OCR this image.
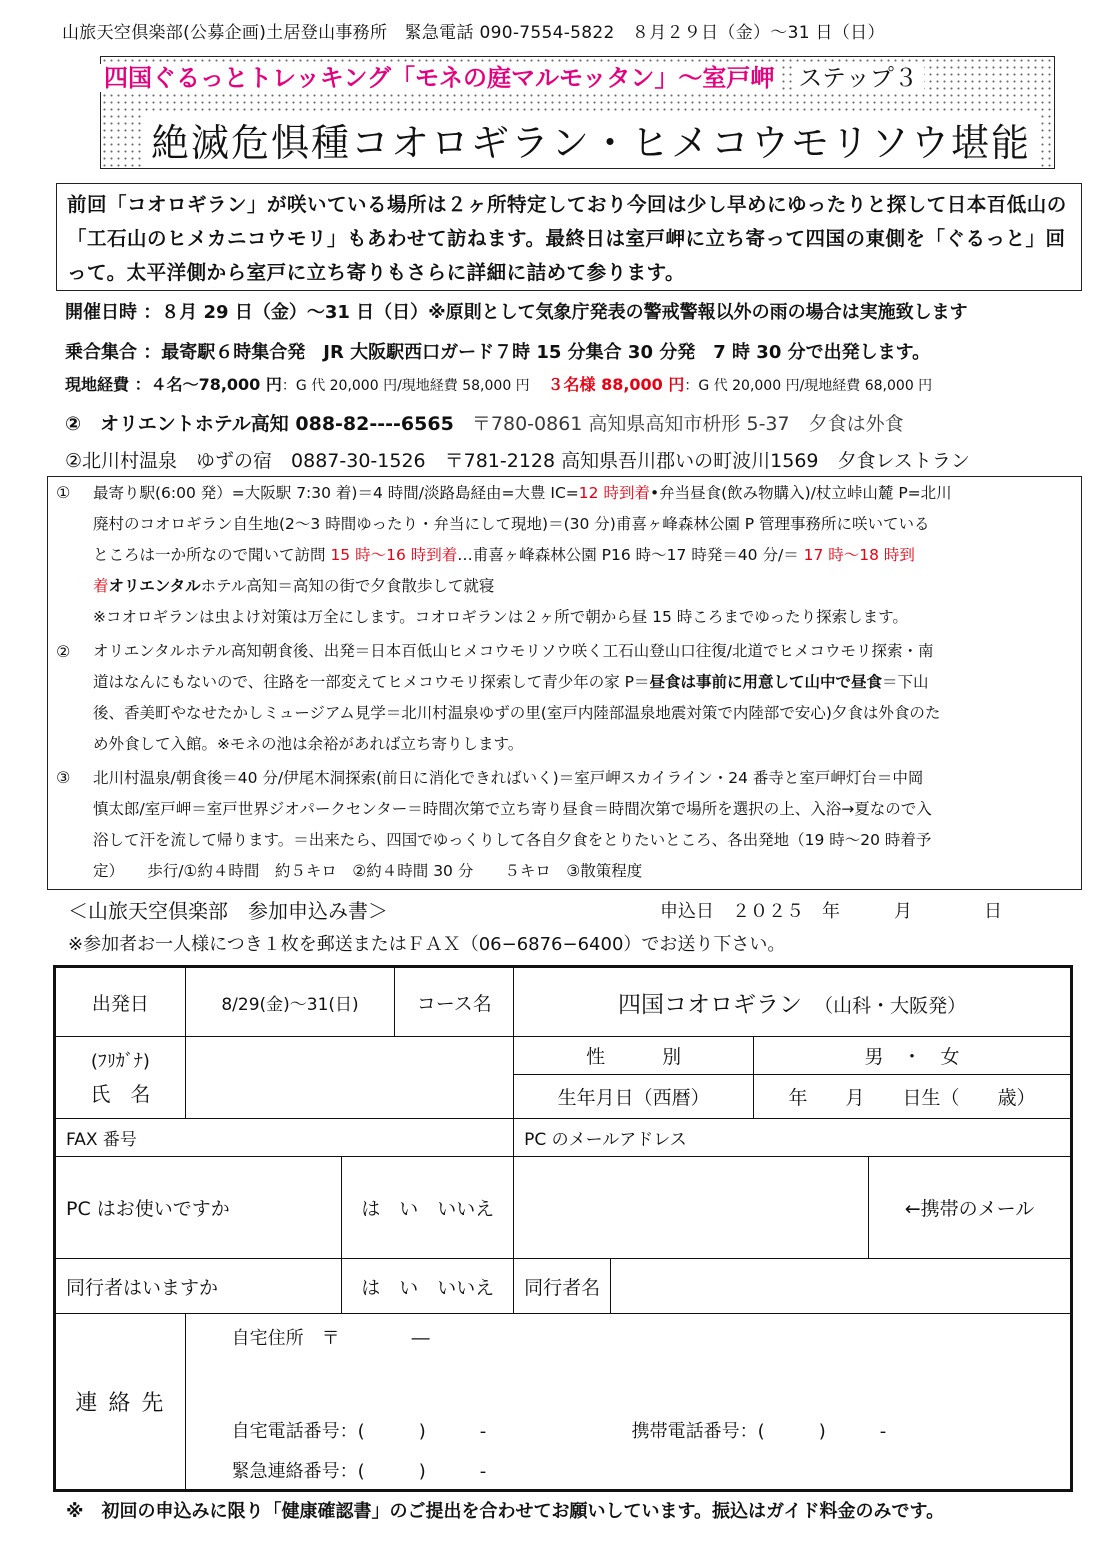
山旅天空倶楽部(公募企画)土居登山事務所　緊急電話 090-7554-5822　８月２９日（金）～31 日（日）
四国ぐるっとトレッキング「モネの庭マルモッタン」～室戸岬 ステップ３
絶滅危惧種コオロギラン・ヒメコウモリソウ堪能

前回「コオロギラン」が咲いている場所は２ヶ所特定しており今回は少し早めにゆったりと探して日本百低山の「工石山のヒメカニコウモリ」もあわせて訪ねます。最終日は室戸岬に立ち寄って四国の東側を「ぐるっと」回って。太平洋側から室戸に立ち寄りもさらに詳細に詰めて参ります。

開催日時 ：８月 29 日（金）～31 日（日）※原則として気象庁発表の警戒警報以外の雨の場合は実施致します
乗合集合 ：最寄駅６時集合発　JR 大阪駅西口ガード７時 15 分集合 30 分発　7 時 30 分で出発します。
現地経費 ：４名～78,000 円：G 代 20,000 円/現地経費 58,000 円 ３名様 88,000 円：G 代 20,000 円/現地経費 68,000 円
②　オリエントホテル高知 088-82----6565 〒780-0861 高知県高知市枡形 5-37　夕食は外食
②北川村温泉　ゆずの宿　0887-30-1526　〒781-2128 高知県吾川郡いの町波川1569　夕食レストラン
① 最寄り駅(6:00 発）=大阪駅 7:30 着)＝4 時間/淡路島経由=大豊 IC=12 時到着•弁当昼食(飲み物購入)/杖立峠山麓 P=北川
廃村のコオロギラン自生地(2～3 時間ゆったり・弁当にして現地)＝(30 分)甫喜ヶ峰森林公園 P 管理事務所に咲いている
ところは一か所なので聞いて訪問 15 時～16 時到着…甫喜ヶ峰森林公園 P16 時～17 時発＝40 分/＝ 17 時～18 時到
着オリエンタルホテル高知＝高知の街で夕食散歩して就寝
※コオロギランは虫よけ対策は万全にします。コオロギランは２ヶ所で朝から昼 15 時ころまでゆったり探索します。
② オリエンタルホテル高知朝食後、出発＝日本百低山ヒメコウモリソウ咲く工石山登山口往復/北道でヒメコウモリ探索・南
道はなんにもないので、往路を一部変えてヒメコウモリ探索して青少年の家 P＝昼食は事前に用意して山中で昼食＝下山
後、香美町やなせたかしミュージアム見学＝北川村温泉ゆずの里(室戸内陸部温泉地震対策で内陸部で安心)夕食は外食のた
め外食して入館。※モネの池は余裕があれば立ち寄りします。
③ 北川村温泉/朝食後＝40 分/伊尾木洞探索(前日に消化できればいく)＝室戸岬スカイライン・24 番寺と室戸岬灯台＝中岡
慎太郎/室戸岬＝室戸世界ジオパークセンター＝時間次第で立ち寄り昼食＝時間次第で場所を選択の上、入浴→夏なので入
浴して汗を流して帰ります。＝出来たら、四国でゆっくりして各自夕食をとりたいところ、各出発地（19 時～20 時着予
定）　　歩行/①約４時間　約５キロ　②約４時間 30 分　　５キロ　③散策程度
＜山旅天空倶楽部　参加申込み書＞	申込日　２０２５　年　　　月　　　　日
※参加者お一人様につき１枚を郵送またはＦＡＸ（06−6876−6400）でお送り下さい。
出発日	8/29(金)～31(日)		コース名	四国コオロギラン （山科・大阪発）			

(ﾌﾘｶﾞﾅ)
氏　名				性　　　別		男　・　女	
				生年月日（西暦）		年　　月　　日生（　　歳）	
FAX 番号				PC のメールアドレス			
PC はお使いですか		は　い　いいえ					←携帯のメール
同行者はいますか		は　い　いいえ		同行者名			
連 絡 先	自宅住所　〒　　　　―
自宅電話番号：(　　　)　　　- 携帯電話番号：(　　　)　　　-
緊急連絡番号：(　　　)　　　-						
※　初回の申込みに限り「健康確認書」のご提出を合わせてお願いしています。振込はガイド料金のみです。
